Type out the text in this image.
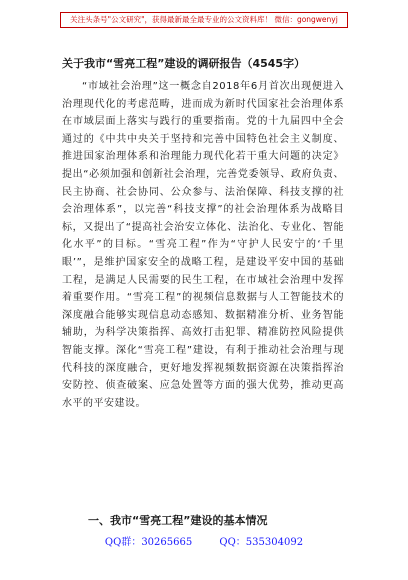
关注头条号"公文研究"，获得最新最全最专业的公文资料库！ 微信：gongwenyj
关于我市“雪亮工程”建设的调研报告（4545字）
“市域社会治理”这一概念自2018年6月首次出现便进入治理现代化的考虑范畴，进而成为新时代国家社会治理体系在市域层面上落实与践行的重要指南。党的十九届四中全会通过的《中共中央关于坚持和完善中国特色社会主义制度、推进国家治理体系和治理能力现代化若干重大问题的决定》提出“必须加强和创新社会治理，完善党委领导、政府负责、民主协商、社会协同、公众参与、法治保障、科技支撑的社会治理体系”，以完善“科技支撑”的社会治理体系为战略目标，又提出了“提高社会治安立体化、法治化、专业化、智能化水平”的目标。“雪亮工程”作为“守护人民安宁的‘千里眼’”，是维护国家安全的战略工程，是建设平安中国的基础工程，是满足人民需要的民生工程，在市域社会治理中发挥着重要作用。“雪亮工程”的视频信息数据与人工智能技术的深度融合能够实现信息动态感知、数据精准分析、业务智能辅助，为科学决策指挥、高效打击犯罪、精准防控风险提供智能支撑。深化“雪亮工程”建设，有利于推动社会治理与现代科技的深度融合，更好地发挥视频数据资源在决策指挥治安防控、侦查破案、应急处置等方面的强大优势，推动更高水平的平安建设。
一、我市“雪亮工程”建设的基本情况
QQ群：30265665	QQ：535304092
